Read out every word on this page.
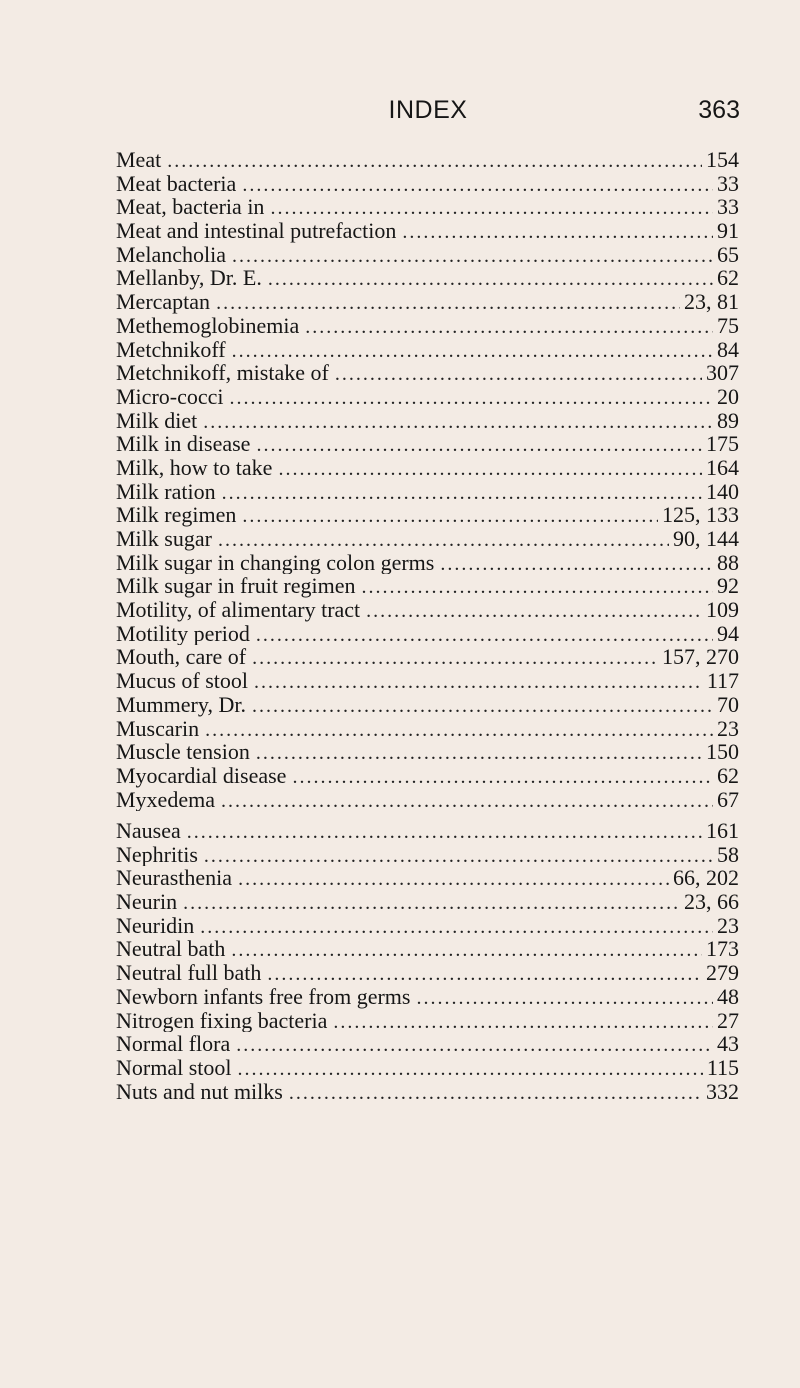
INDEX	363
Meat . . .	154
Meat bacteria . . .	33
Meat, bacteria in . . .	33
Meat and intestinal putrefaction . . .	91
Melancholia . . .	65
Mellanby, Dr. E. . . .	62
Mercaptan . . .	23, 81
Methemoglobinemia . . .	75
Metchnikoff . . .	84
Metchnikoff, mistake of . . .	307
Micro-cocci . . .	20
Milk diet . . .	89
Milk in disease . . .	175
Milk, how to take . . .	164
Milk ration . . .	140
Milk regimen . . .	125, 133
Milk sugar . . .	90, 144
Milk sugar in changing colon germs . . .	88
Milk sugar in fruit regimen . . .	92
Motility, of alimentary tract . . .	109
Motility period . . .	94
Mouth, care of . . .	157, 270
Mucus of stool . . .	117
Mummery, Dr. . . .	70
Muscarin . . .	23
Muscle tension . . .	150
Myocardial disease . . .	62
Myxedema . . .	67
Nausea . . .	161
Nephritis . . .	58
Neurasthenia . . .	66, 202
Neurin . . .	23, 66
Neuridin . . .	23
Neutral bath . . .	173
Neutral full bath . . .	279
Newborn infants free from germs . . .	48
Nitrogen fixing bacteria . . .	27
Normal flora . . .	43
Normal stool . . .	115
Nuts and nut milks . . .	332
